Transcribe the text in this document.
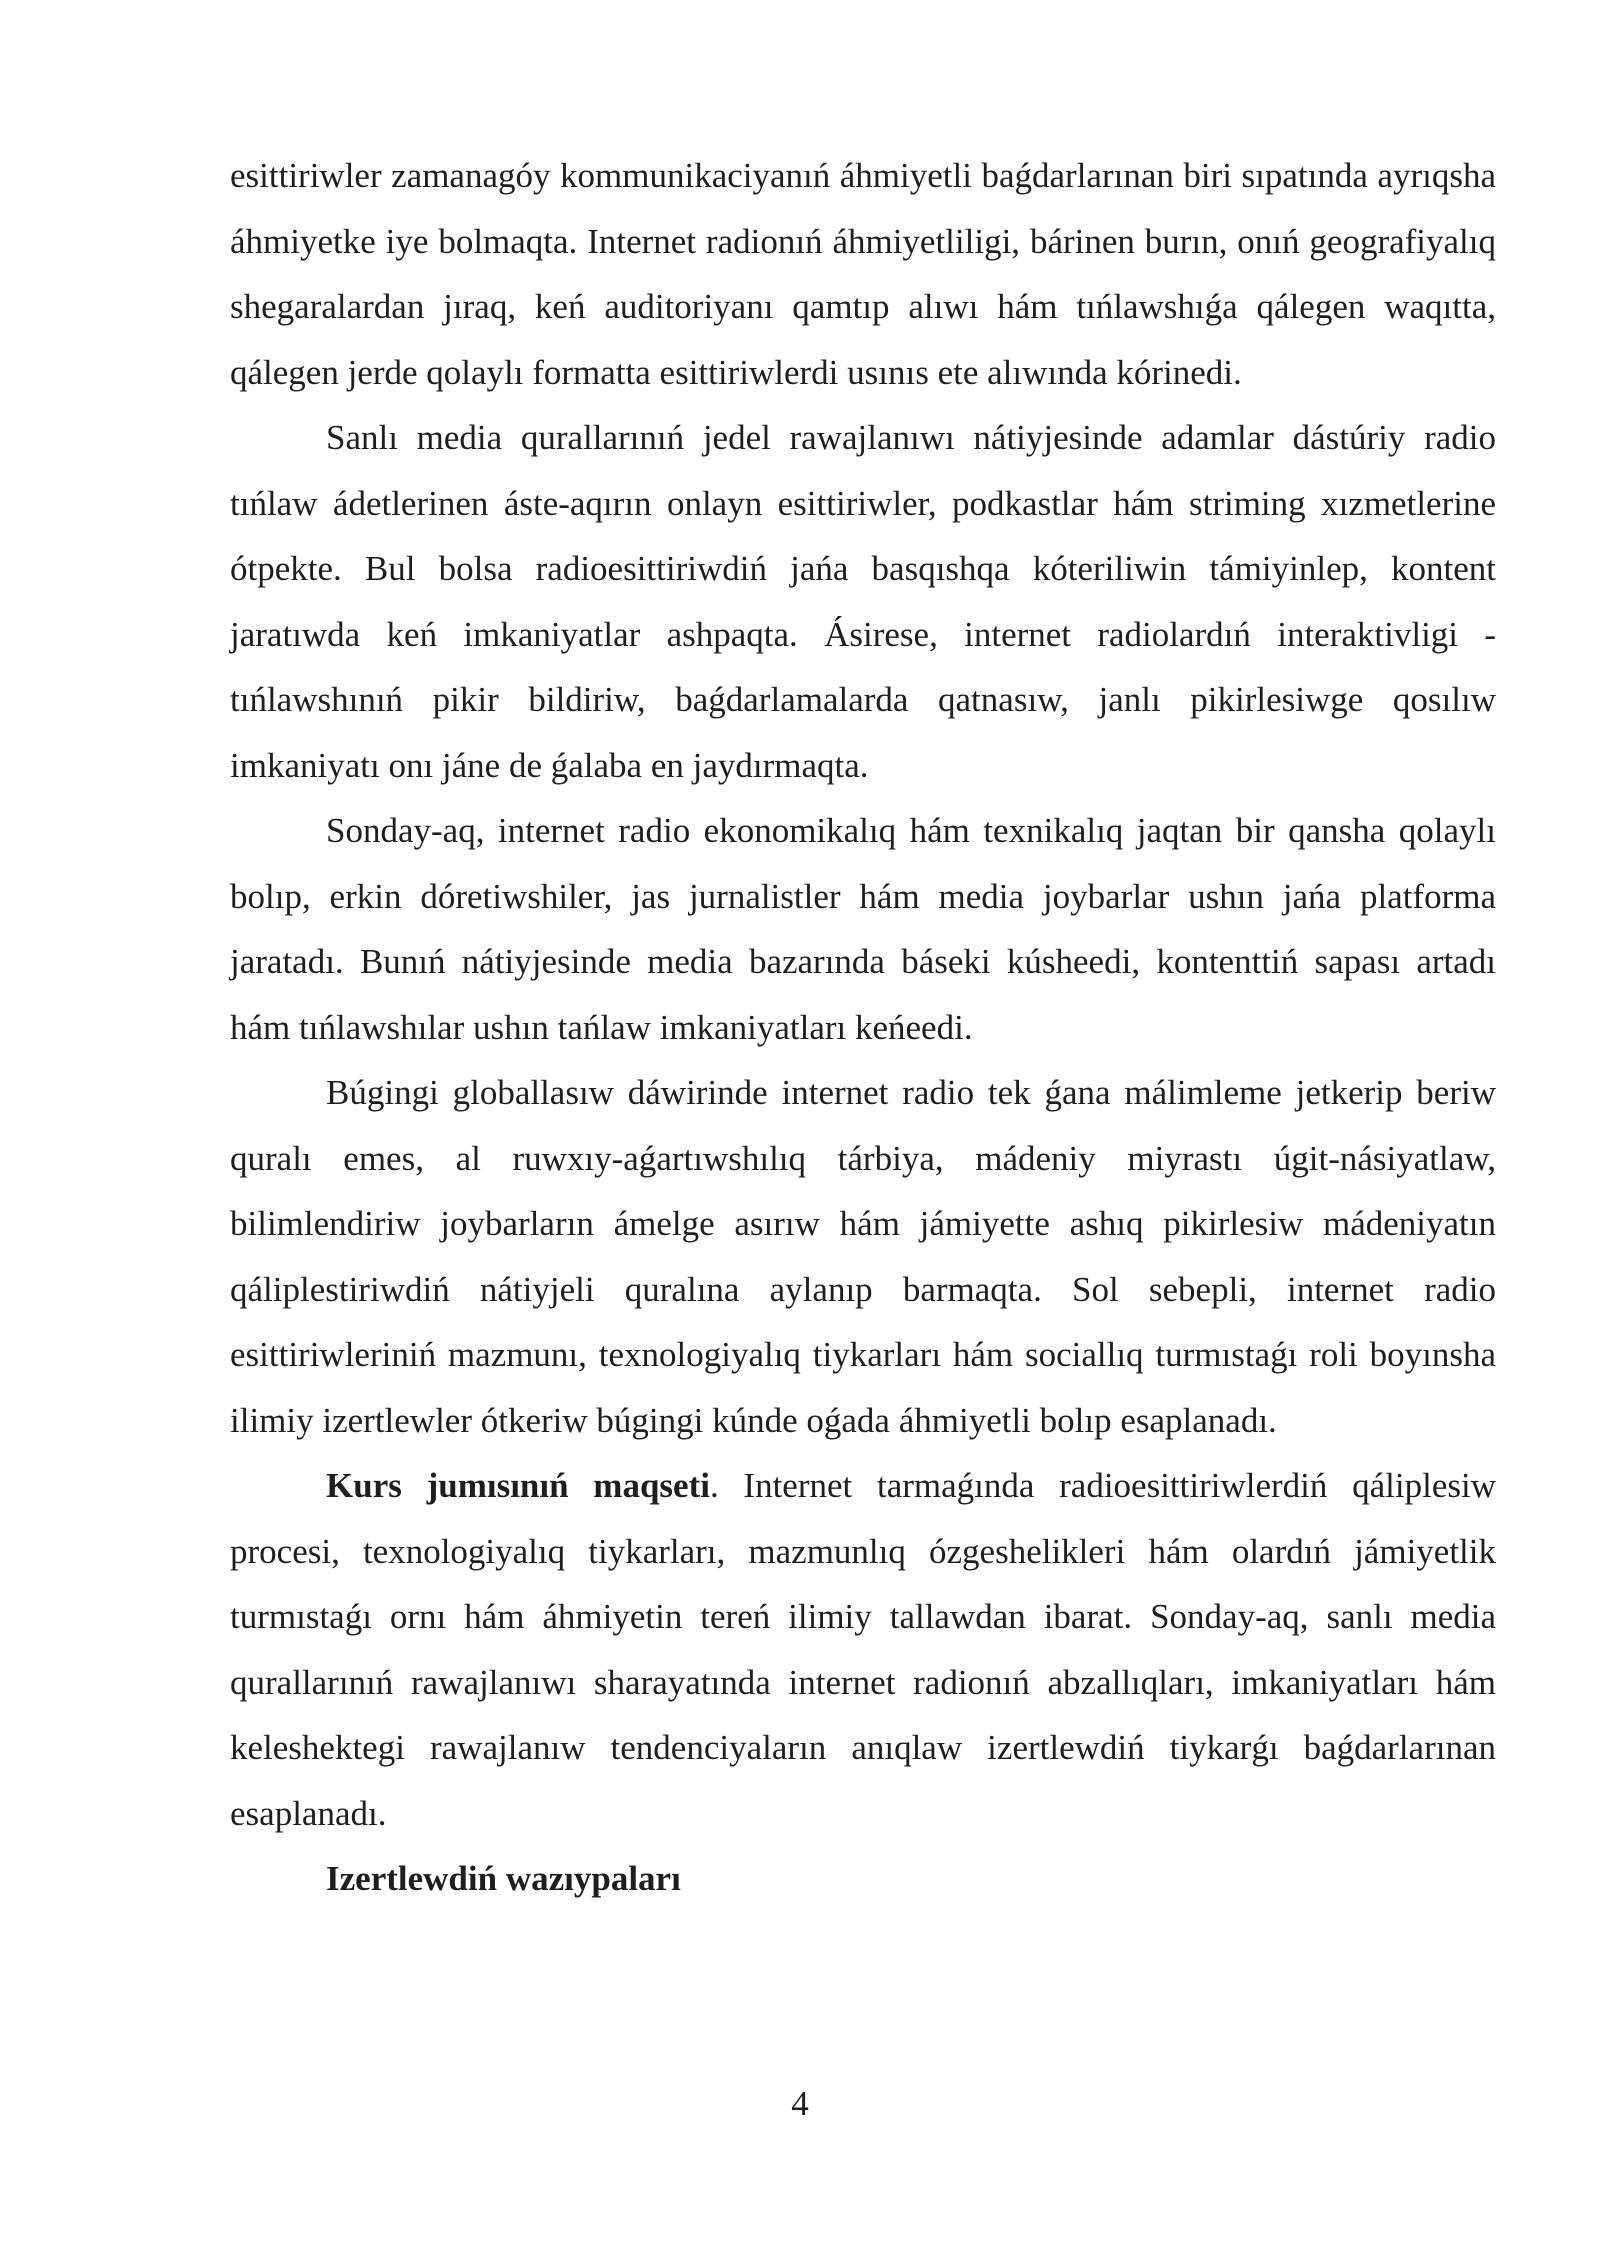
esittiriwler zamanagóy kommunikaciyanıń áhmiyetli baǵdarlarınan biri sıpatında ayrıqsha áhmiyetke iye bolmaqta. Internet radionıń áhmiyetliligi, bárinen burın, onıń geografiyalıq shegaralardan jıraq, keń auditoriyanı qamtıp alıwı hám tıńlawshıǵa qálegen waqıtta, qálegen jerde qolaylı formatta esittiriwlerdi usınıs ete alıwında kórinedi.

Sanlı media qurallarınıń jedel rawajlanıwı nátiyjesinde adamlar dástúriy radio tıńlaw ádetlerinen áste-aqırın onlayn esittiriwler, podkastlar hám striming xızmetlerine ótpekte. Bul bolsa radioesittiriwdiń jańa basqıshqa kóteriliwin támiyinlep, kontent jaratıwda keń imkaniyatlar ashpaqta. Ásirese, internet radiolardıń interaktivligi - tıńlawshınıń pikir bildiriw, baǵdarlamalarda qatnasıw, janlı pikirlesiwge qosılıw imkaniyatı onı jáne de ǵalaba en jaydırmaqta.

Sonday-aq, internet radio ekonomikalıq hám texnikalıq jaqtan bir qansha qolaylı bolıp, erkin dóretiwshiler, jas jurnalistler hám media joybarlar ushın jańa platforma jaratadı. Bunıń nátiyjesinde media bazarında báseki kúsheedi, kontenttiń sapası artadı hám tıńlawshılar ushın tańlaw imkaniyatları keńeedi.

Búgingi globallasıw dáwirinde internet radio tek ǵana málimleme jetkerip beriw quralı emes, al ruwxıy-aǵartıwshılıq tárbiya, mádeniy miyrastı úgit-násiyatlaw, bilimlendiriw joybarların ámelge asırıw hám jámiyette ashıq pikirlesiw mádeniyatın qáliplestiriwdiń nátiyjeli quralına aylanıp barmaqta. Sol sebepli, internet radio esittiriwleriniń mazmunı, texnologiyalıq tiykarları hám sociallıq turmıstaǵı roli boyınsha ilimiy izertlewler ótkeriw búgingi kúnde oǵada áhmiyetli bolıp esaplanadı.

Kurs jumısınıń maqseti. Internet tarmaǵında radioesittiriwlerdiń qáliplesiw procesi, texnologiyalıq tiykarları, mazmunlıq ózgeshelikleri hám olardıń jámiyetlik turmıstaǵı ornı hám áhmiyetin tereń ilimiy tallawdan ibarat. Sonday-aq, sanlı media qurallarınıń rawajlanıwı sharayatında internet radionıń abzallıqları, imkaniyatları hám keleshektegi rawajlanıw tendenciyaların anıqlaw izertlewdiń tiykarǵı baǵdarlarınan esaplanadı.

Izertlewdiń wazıypaları

4
